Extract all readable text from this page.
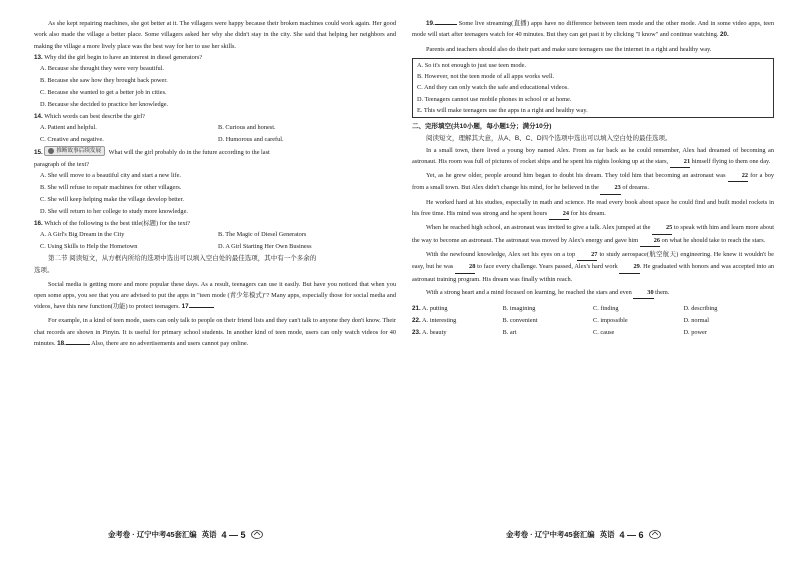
As she kept repairing machines, she got better at it. The villagers were happy because their broken machines could work again. Her good work also made the village a better place. Some villagers asked her why she didn't stay in the city. She said that helping her neighbors and making the village a more lively place was the best way for her to use her skills.

13. Why did the girl begin to have an interest in diesel generators?

A. Because she thought they were very beautiful.
B. Because she saw how they brought back power.
C. Because she wanted to get a better job in cities.
D. Because she decided to practice her knowledge.

14. Which words can best describe the girl?

A. Patient and helpful.	B. Curious and honest.
C. Creative and negative.	D. Humorous and careful.

15. 推断故事后续发展 What will the girl probably do in the future according to the last

paragraph of the text?

A. She will move to a beautiful city and start a new life.
B. She will refuse to repair machines for other villagers.
C. She will keep helping make the village develop better.
D. She will return to her college to study more knowledge.

16. Which of the following is the best title(标题) for the text?

A. A Girl's Big Dream in the City	B. The Magic of Diesel Generators
C. Using Skills to Help the Hometown	D. A Girl Starting Her Own Business

第二节 阅读短文，从方框内所给的选项中选出可以填入空白处的最佳选项，其中有一个多余的

选项。

Social media is getting more and more popular these days. As a result, teenagers can use it easily. But have you noticed that when you open some apps, you see that you are advised to put the apps in "teen mode (青少年模式)"? Many apps, especially those for social media and videos, have this new function(功能) to protect teenagers. 17.

For example, in a kind of teen mode, users can only talk to people on their friend lists and they can't talk to anyone they don't know. Their chat records are shown in Pinyin. It is useful for primary school students. In another kind of teen mode, users can only watch videos for 40 minutes. 18.	Also, there are no advertisements and users cannot pay online.

金考卷 · 辽宁中考45套汇编 英语 4 — 5

19.	Some live streaming(直播) apps have no difference between teen mode and the other mode. And in some video apps, teen mode will start after teenagers watch for 40 minutes. But they can get past it by clicking "I know" and continue watching. 20.

Parents and teachers should also do their part and make sure teenagers use the internet in a right and healthy way.

A. So it's not enough to just use teen mode.
B. However, not the teen mode of all apps works well.
C. And they can only watch the safe and educational videos.
D. Teenagers cannot use mobile phones in school or at home.
E. This will make teenagers use the apps in a right and healthy way.

二、完形填空(共10小题，每小题1分；满分10分)

阅读短文，理解其大意，从A、B、C、D四个选项中选出可以填入空白处的最佳选项。

In a small town, there lived a young boy named Alex. From as far back as he could remember, Alex had dreamed of becoming an astronaut. His room was full of pictures of rocket ships and he spent his nights looking up at the stars, 21 himself flying to them one day.

Yet, as he grew older, people around him began to doubt his dream. They told him that becoming an astronaut was	22 for a boy from a small town. But Alex didn't change his mind, for he believed in the 23 of dreams.

He worked hard at his studies, especially in math and science. He read every book about space he could find and built model rockets in his free time. His mind was strong and he spent hours 24 for his dream.

When he reached high school, an astronaut was invited to give a talk. Alex jumped at the 25 to speak with him and learn more about the way to become an astronaut. The astronaut was moved by Alex's energy and gave him 26 on what he should take to reach the stars.

With the newfound knowledge, Alex set his eyes on a top	27 to study aerospace(航空航天) engineering. He knew it wouldn't be easy, but he was 28 to face every challenge. Years passed, Alex's hard work 29. He graduated with honors and was accepted into an astronaut training program. His dream was finally within reach.

With a strong heart and a mind focused on learning, he reached the stars and even 30 them.

21. A. putting	B. imagining	C. finding	D. describing
22. A. interesting	B. convenient	C. impossible	D. normal
23. A. beauty	B. art	C. cause	D. power
金考卷 · 辽宁中考45套汇编 英语 4 — 6
